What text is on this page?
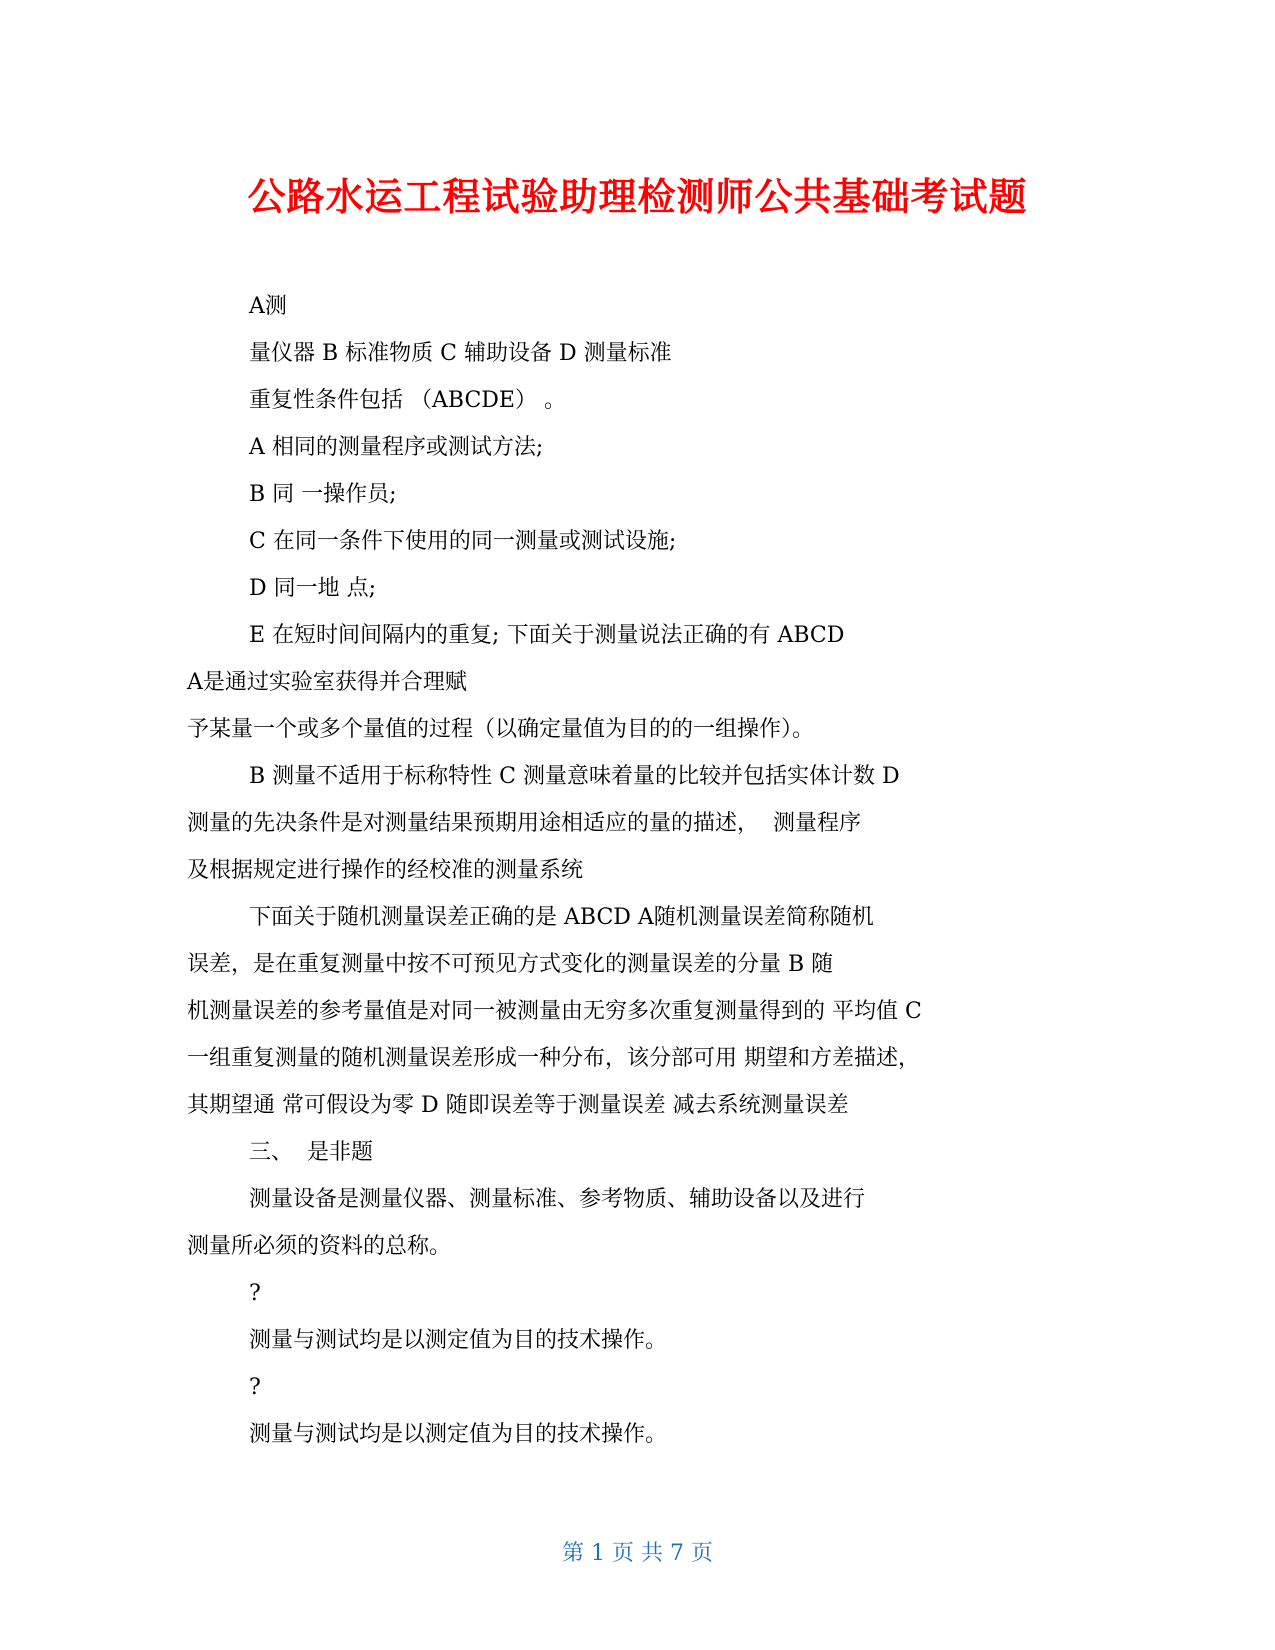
公路水运工程试验助理检测师公共基础考试题
A测
量仪器 B 标准物质 C 辅助设备 D 测量标准
重复性条件包括 （ABCDE） 。
A 相同的测量程序或测试方法;
B 同 一操作员;
C 在同一条件下使用的同一测量或测试设施;
D 同一地 点;
E 在短时间间隔内的重复; 下面关于测量说法正确的有 ABCD
A是通过实验室获得并合理赋
予某量一个或多个量值的过程（以确定量值为目的的一组操作）。
B 测量不适用于标称特性 C 测量意味着量的比较并包括实体计数 D
测量的先决条件是对测量结果预期用途相适应的量的描述，  测量程序
及根据规定进行操作的经校准的测量系统
下面关于随机测量误差正确的是 ABCD A随机测量误差简称随机
误差，是在重复测量中按不可预见方式变化的测量误差的分量 B 随
机测量误差的参考量值是对同一被测量由无穷多次重复测量得到的 平均值 C
一组重复测量的随机测量误差形成一种分布，该分部可用 期望和方差描述，
其期望通 常可假设为零 D 随即误差等于测量误差 减去系统测量误差
三、  是非题
测量设备是测量仪器、测量标准、参考物质、辅助设备以及进行
测量所必须的资料的总称。
?
测量与测试均是以测定值为目的技术操作。
?
测量与测试均是以测定值为目的技术操作。
第 1 页 共 7 页
